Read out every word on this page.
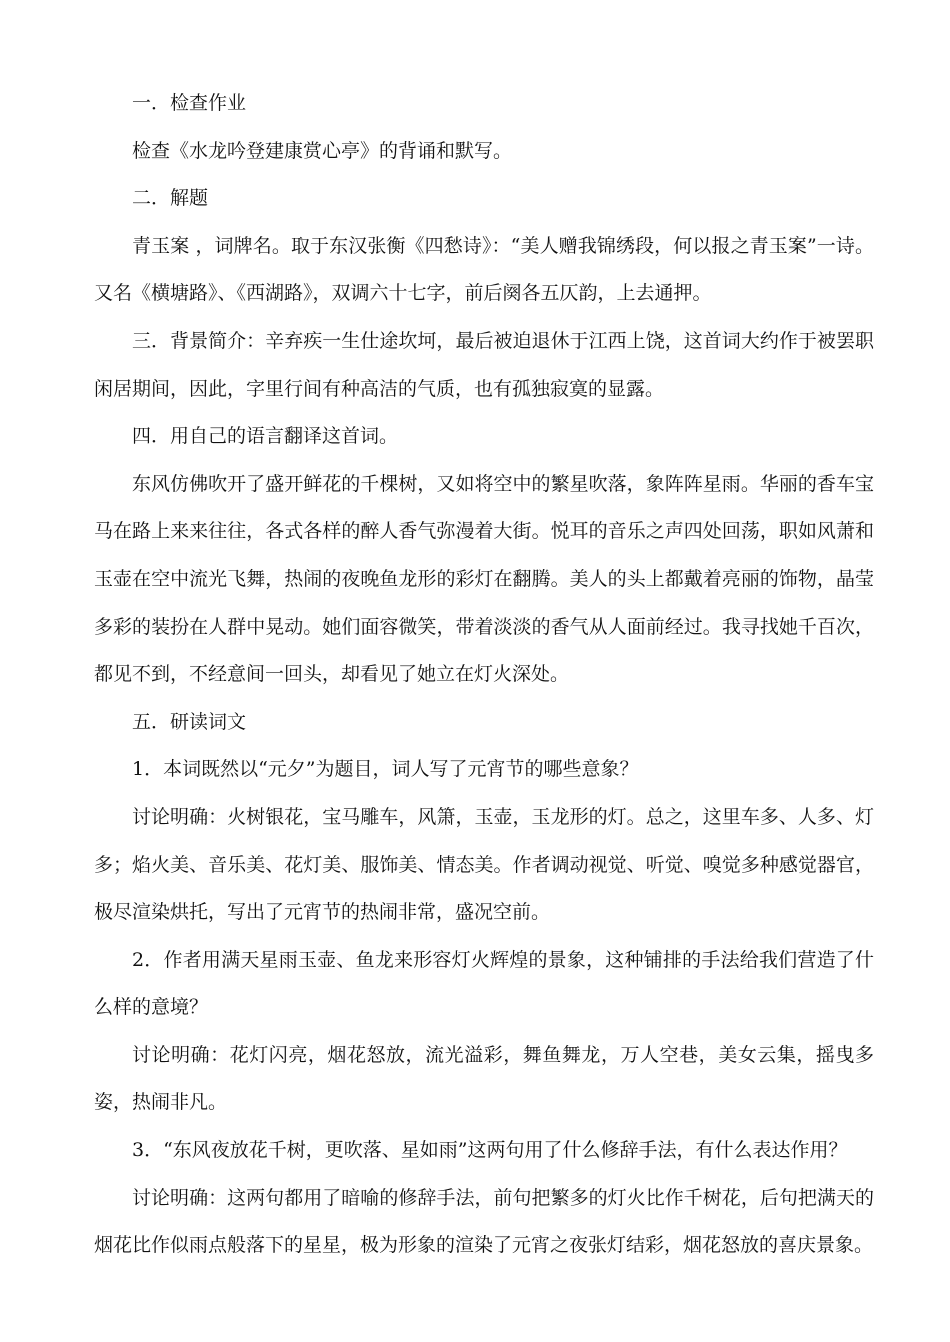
一．检查作业

检查《水龙吟登建康赏心亭》的背诵和默写。

二．解题

青玉案 ，词牌名。取于东汉张衡《四愁诗》：“美人赠我锦绣段，何以报之青玉案”一诗。又名《横塘路》、《西湖路》，双调六十七字，前后阕各五仄韵，上去通押。

三．背景简介：辛弃疾一生仕途坎坷，最后被迫退休于江西上饶，这首词大约作于被罢职闲居期间，因此，字里行间有种高洁的气质，也有孤独寂寞的显露。

四．用自己的语言翻译这首词。

东风仿佛吹开了盛开鲜花的千棵树，又如将空中的繁星吹落，象阵阵星雨。华丽的香车宝马在路上来来往往，各式各样的醉人香气弥漫着大街。悦耳的音乐之声四处回荡，职如风萧和玉壶在空中流光飞舞，热闹的夜晚鱼龙形的彩灯在翻腾。美人的头上都戴着亮丽的饰物，晶莹多彩的装扮在人群中晃动。她们面容微笑，带着淡淡的香气从人面前经过。我寻找她千百次，都见不到，不经意间一回头，却看见了她立在灯火深处。

五．研读词文

1．本词既然以“元夕”为题目，词人写了元宵节的哪些意象？

讨论明确：火树银花，宝马雕车，风箫，玉壶，玉龙形的灯。总之，这里车多、人多、灯多；焰火美、音乐美、花灯美、服饰美、情态美。作者调动视觉、听觉、嗅觉多种感觉器官，极尽渲染烘托，写出了元宵节的热闹非常，盛况空前。

2．作者用满天星雨玉壶、鱼龙来形容灯火辉煌的景象，这种铺排的手法给我们营造了什么样的意境？

讨论明确：花灯闪亮，烟花怒放，流光溢彩，舞鱼舞龙，万人空巷，美女云集，摇曳多姿，热闹非凡。

3．“东风夜放花千树，更吹落、星如雨”这两句用了什么修辞手法，有什么表达作用？

讨论明确：这两句都用了暗喻的修辞手法，前句把繁多的灯火比作千树花，后句把满天的烟花比作似雨点般落下的星星，极为形象的渲染了元宵之夜张灯结彩，烟花怒放的喜庆景象。
